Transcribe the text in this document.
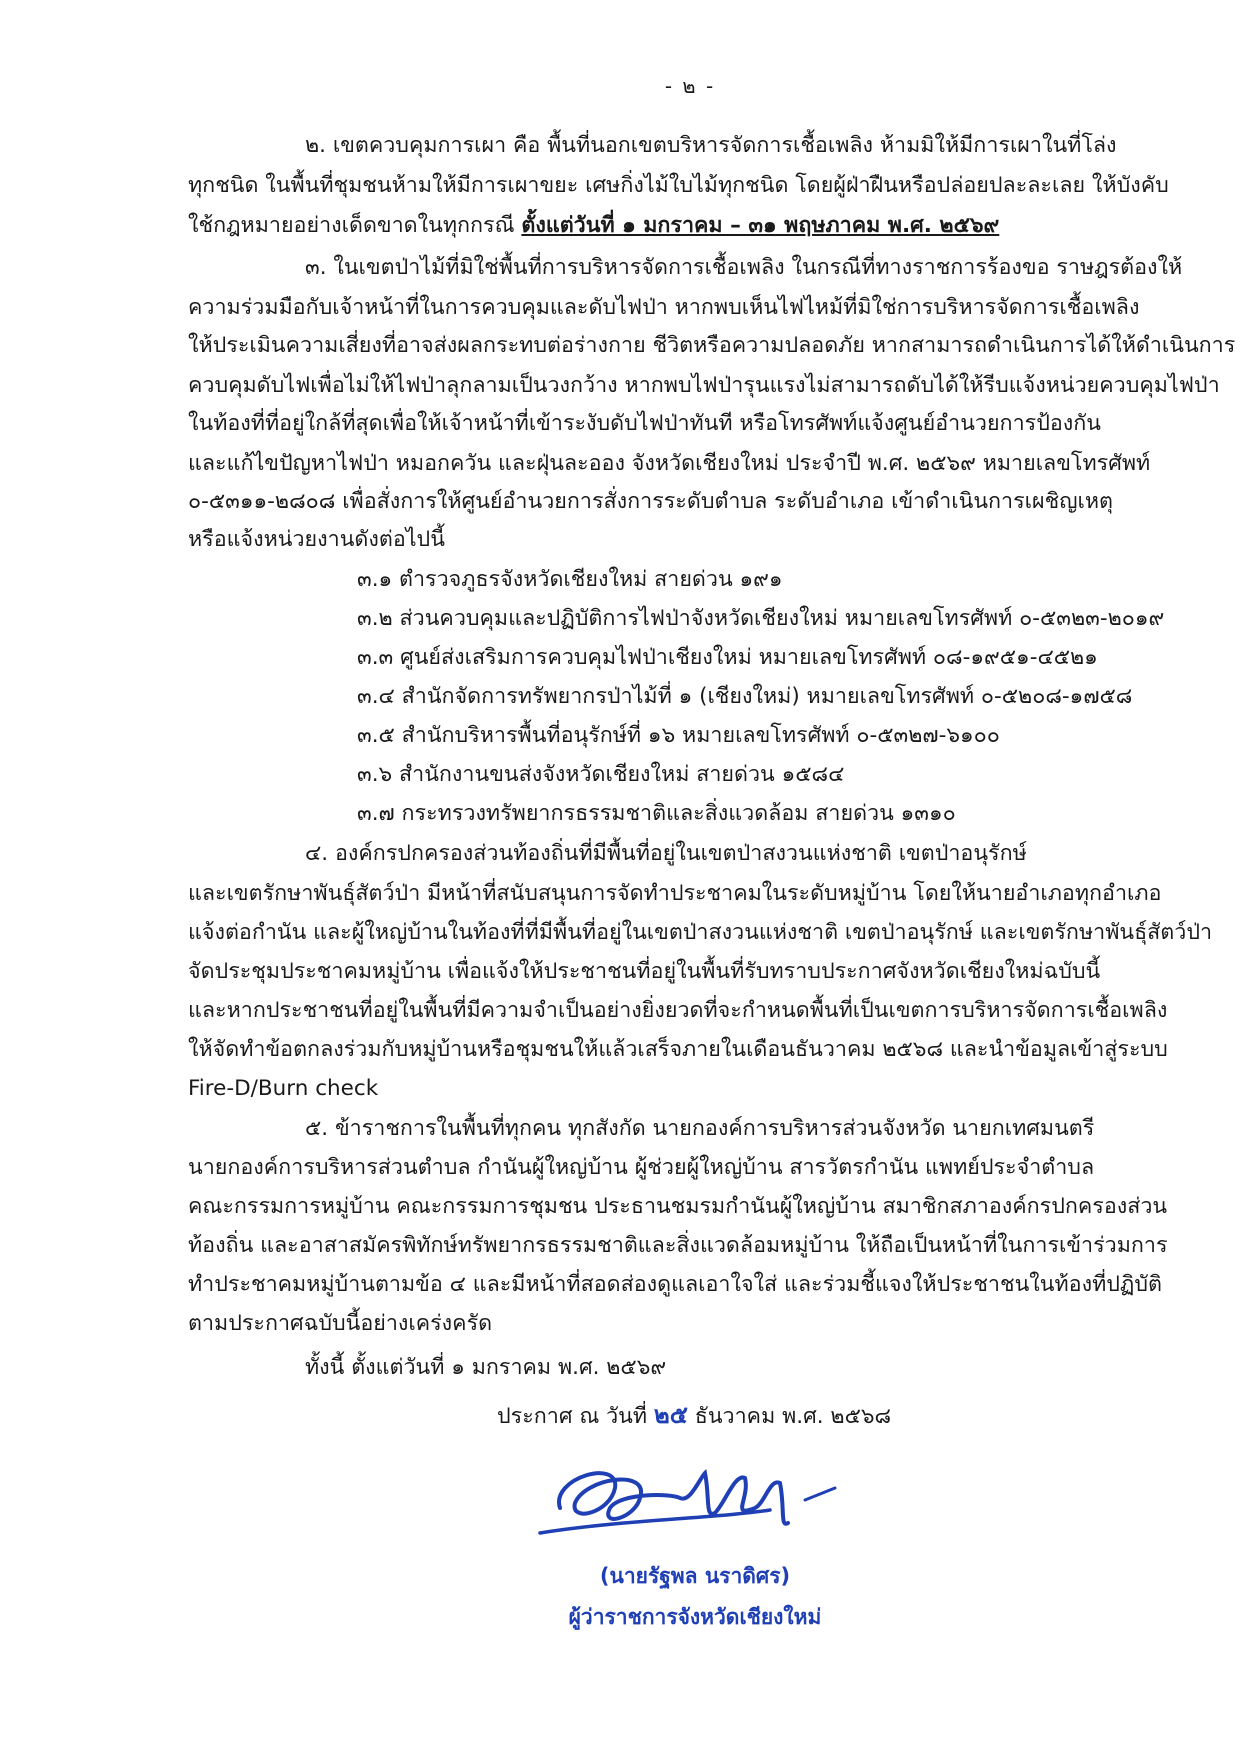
- ๒ -
๒. เขตควบคุมการเผา คือ พื้นที่นอกเขตบริหารจัดการเชื้อเพลิง ห้ามมิให้มีการเผาในที่โล่ง
ทุกชนิด ในพื้นที่ชุมชนห้ามให้มีการเผาขยะ เศษกิ่งไม้ใบไม้ทุกชนิด โดยผู้ฝ่าฝืนหรือปล่อยปละละเลย ให้บังคับ
ใช้กฎหมายอย่างเด็ดขาดในทุกกรณี ตั้งแต่วันที่ ๑ มกราคม – ๓๑ พฤษภาคม พ.ศ. ๒๕๖๙
๓. ในเขตป่าไม้ที่มิใช่พื้นที่การบริหารจัดการเชื้อเพลิง ในกรณีที่ทางราชการร้องขอ ราษฎรต้องให้
ความร่วมมือกับเจ้าหน้าที่ในการควบคุมและดับไฟป่า หากพบเห็นไฟไหม้ที่มิใช่การบริหารจัดการเชื้อเพลิง
ให้ประเมินความเสี่ยงที่อาจส่งผลกระทบต่อร่างกาย ชีวิตหรือความปลอดภัย หากสามารถดำเนินการได้ให้ดำเนินการ
ควบคุมดับไฟเพื่อไม่ให้ไฟป่าลุกลามเป็นวงกว้าง หากพบไฟป่ารุนแรงไม่สามารถดับได้ให้รีบแจ้งหน่วยควบคุมไฟป่า
ในท้องที่ที่อยู่ใกล้ที่สุดเพื่อให้เจ้าหน้าที่เข้าระงับดับไฟป่าทันที หรือโทรศัพท์แจ้งศูนย์อำนวยการป้องกัน
และแก้ไขปัญหาไฟป่า หมอกควัน และฝุ่นละออง จังหวัดเชียงใหม่ ประจำปี พ.ศ. ๒๕๖๙ หมายเลขโทรศัพท์
๐-๕๓๑๑-๒๘๐๘ เพื่อสั่งการให้ศูนย์อำนวยการสั่งการระดับตำบล ระดับอำเภอ เข้าดำเนินการเผชิญเหตุ
หรือแจ้งหน่วยงานดังต่อไปนี้
๓.๑ ตำรวจภูธรจังหวัดเชียงใหม่ สายด่วน ๑๙๑
๓.๒ ส่วนควบคุมและปฏิบัติการไฟป่าจังหวัดเชียงใหม่ หมายเลขโทรศัพท์ ๐-๕๓๒๓-๒๐๑๙
๓.๓ ศูนย์ส่งเสริมการควบคุมไฟป่าเชียงใหม่ หมายเลขโทรศัพท์ ๐๘-๑๙๕๑-๔๕๒๑
๓.๔ สำนักจัดการทรัพยากรป่าไม้ที่ ๑ (เชียงใหม่) หมายเลขโทรศัพท์ ๐-๕๒๐๘-๑๗๕๘
๓.๕ สำนักบริหารพื้นที่อนุรักษ์ที่ ๑๖ หมายเลขโทรศัพท์ ๐-๕๓๒๗-๖๑๐๐
๓.๖ สำนักงานขนส่งจังหวัดเชียงใหม่ สายด่วน ๑๕๘๔
๓.๗ กระทรวงทรัพยากรธรรมชาติและสิ่งแวดล้อม สายด่วน ๑๓๑๐
๔. องค์กรปกครองส่วนท้องถิ่นที่มีพื้นที่อยู่ในเขตป่าสงวนแห่งชาติ เขตป่าอนุรักษ์
และเขตรักษาพันธุ์สัตว์ป่า มีหน้าที่สนับสนุนการจัดทำประชาคมในระดับหมู่บ้าน โดยให้นายอำเภอทุกอำเภอ
แจ้งต่อกำนัน และผู้ใหญ่บ้านในท้องที่ที่มีพื้นที่อยู่ในเขตป่าสงวนแห่งชาติ เขตป่าอนุรักษ์ และเขตรักษาพันธุ์สัตว์ป่า
จัดประชุมประชาคมหมู่บ้าน เพื่อแจ้งให้ประชาชนที่อยู่ในพื้นที่รับทราบประกาศจังหวัดเชียงใหม่ฉบับนี้
และหากประชาชนที่อยู่ในพื้นที่มีความจำเป็นอย่างยิ่งยวดที่จะกำหนดพื้นที่เป็นเขตการบริหารจัดการเชื้อเพลิง
ให้จัดทำข้อตกลงร่วมกับหมู่บ้านหรือชุมชนให้แล้วเสร็จภายในเดือนธันวาคม ๒๕๖๘ และนำข้อมูลเข้าสู่ระบบ
Fire-D/Burn check
๕. ข้าราชการในพื้นที่ทุกคน ทุกสังกัด นายกองค์การบริหารส่วนจังหวัด นายกเทศมนตรี
นายกองค์การบริหารส่วนตำบล กำนันผู้ใหญ่บ้าน ผู้ช่วยผู้ใหญ่บ้าน สารวัตรกำนัน แพทย์ประจำตำบล
คณะกรรมการหมู่บ้าน คณะกรรมการชุมชน ประธานชมรมกำนันผู้ใหญ่บ้าน สมาชิกสภาองค์กรปกครองส่วน
ท้องถิ่น และอาสาสมัครพิทักษ์ทรัพยากรธรรมชาติและสิ่งแวดล้อมหมู่บ้าน ให้ถือเป็นหน้าที่ในการเข้าร่วมการ
ทำประชาคมหมู่บ้านตามข้อ ๔ และมีหน้าที่สอดส่องดูแลเอาใจใส่ และร่วมชี้แจงให้ประชาชนในท้องที่ปฏิบัติ
ตามประกาศฉบับนี้อย่างเคร่งครัด
ทั้งนี้ ตั้งแต่วันที่ ๑ มกราคม พ.ศ. ๒๕๖๙
ประกาศ ณ วันที่ ๒๕ ธันวาคม พ.ศ. ๒๕๖๘
(นายรัฐพล นราดิศร)
ผู้ว่าราชการจังหวัดเชียงใหม่
